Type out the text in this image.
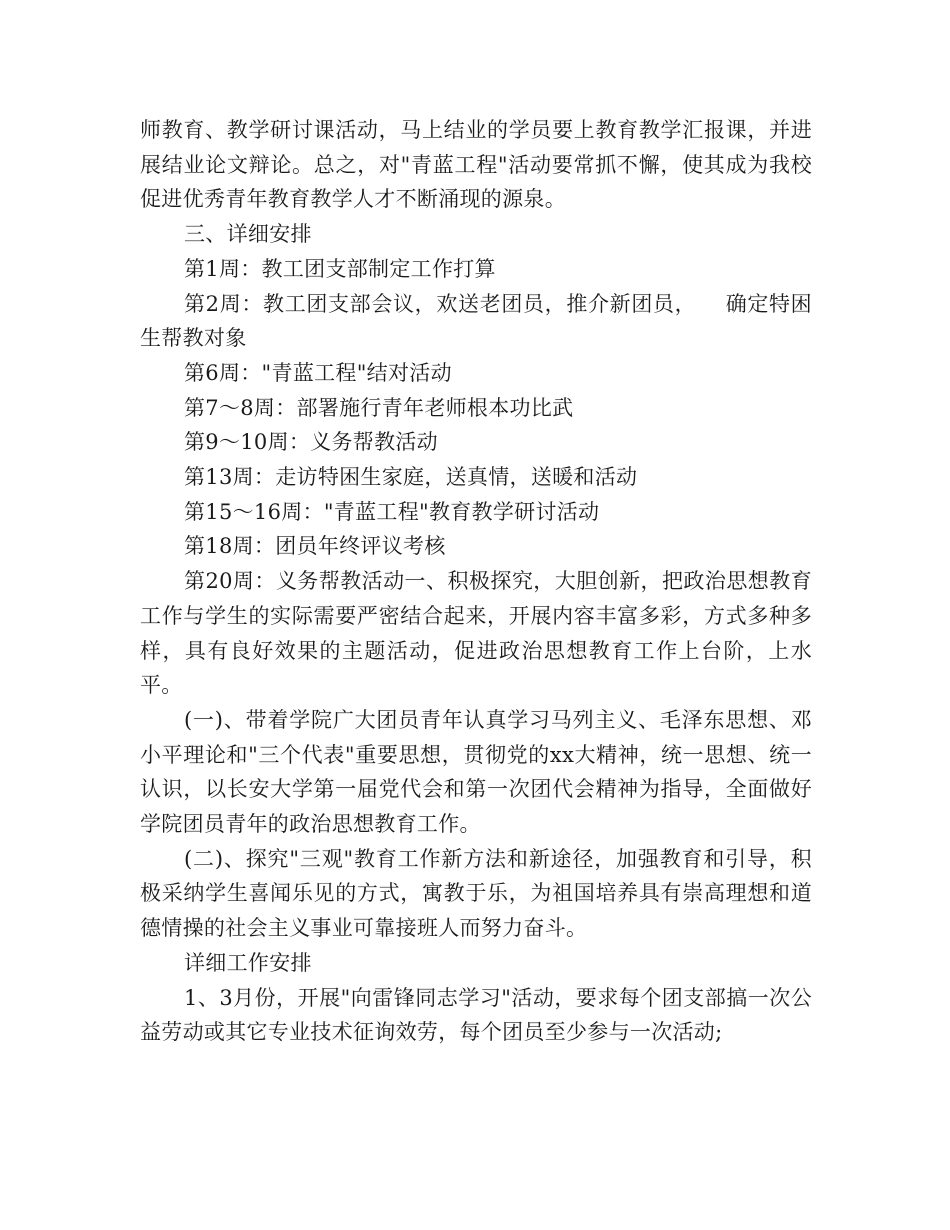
师教育、教学研讨课活动，马上结业的学员要上教育教学汇报课，并进展结业论文辩论。总之，对"青蓝工程"活动要常抓不懈，使其成为我校促进优秀青年教育教学人才不断涌现的源泉。

三、详细安排

第1周：教工团支部制定工作打算

第2周：教工团支部会议，欢送老团员，推介新团员，    确定特困生帮教对象

第6周："青蓝工程"结对活动

第7～8周：部署施行青年老师根本功比武

第9～10周：义务帮教活动

第13周：走访特困生家庭，送真情，送暖和活动

第15～16周："青蓝工程"教育教学研讨活动

第18周：团员年终评议考核

第20周：义务帮教活动一、积极探究，大胆创新，把政治思想教育工作与学生的实际需要严密结合起来，开展内容丰富多彩，方式多种多样，具有良好效果的主题活动，促进政治思想教育工作上台阶，上水平。

(一)、带着学院广大团员青年认真学习马列主义、毛泽东思想、邓小平理论和"三个代表"重要思想，贯彻党的xx大精神，统一思想、统一认识，以长安大学第一届党代会和第一次团代会精神为指导，全面做好学院团员青年的政治思想教育工作。

(二)、探究"三观"教育工作新方法和新途径，加强教育和引导，积极采纳学生喜闻乐见的方式，寓教于乐，为祖国培养具有崇高理想和道德情操的社会主义事业可靠接班人而努力奋斗。

详细工作安排

1、3月份，开展"向雷锋同志学习"活动，要求每个团支部搞一次公益劳动或其它专业技术征询效劳，每个团员至少参与一次活动;
